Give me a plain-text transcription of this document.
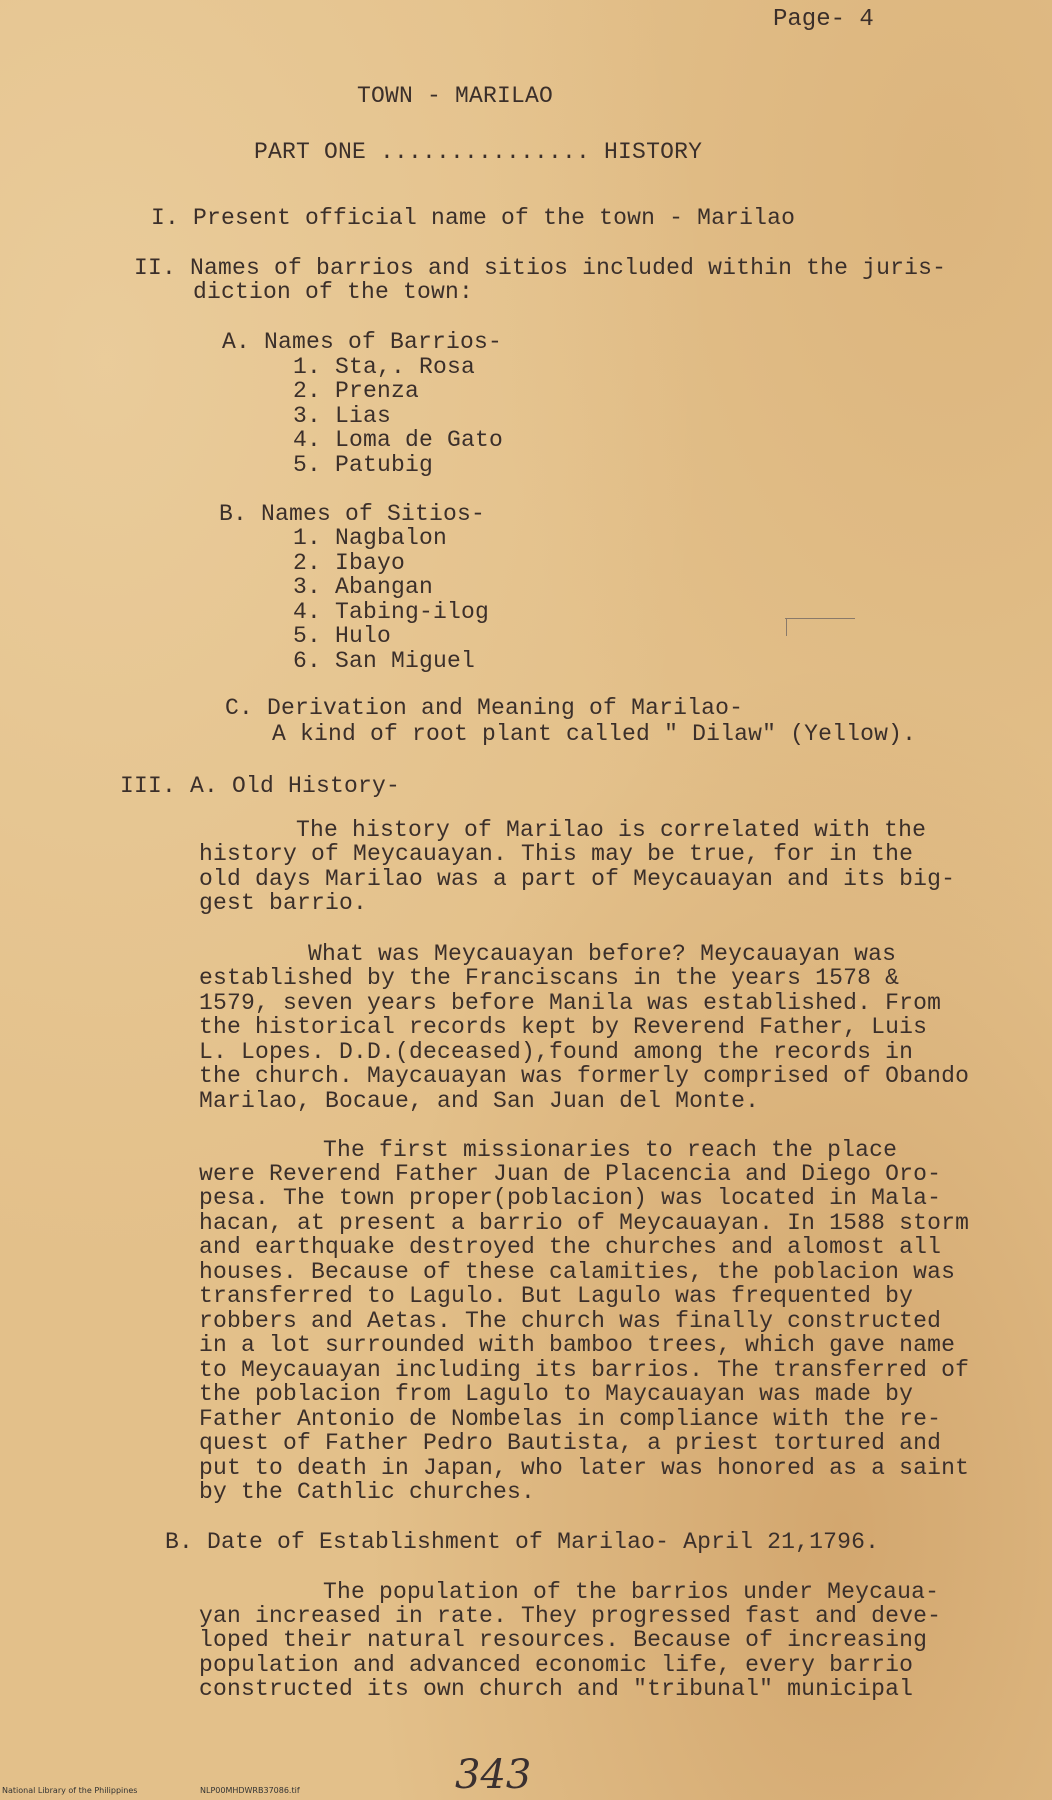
Page- 4
TOWN - MARILAO
PART ONE ............... HISTORY
I. Present official name of the town - Marilao
II. Names of barrios and sitios included within the juris-
diction of the town:
A. Names of Barrios-
1. Sta,. Rosa
2. Prenza
3. Lias
4. Loma de Gato
5. Patubig
B. Names of Sitios-
1. Nagbalon
2. Ibayo
3. Abangan
4. Tabing-ilog
5. Hulo
6. San Miguel
C. Derivation and Meaning of Marilao-
A kind of root plant called " Dilaw" (Yellow).
III. A. Old History-
The history of Marilao is correlated with the
history of Meycauayan. This may be true, for in the
old days Marilao was a part of Meycauayan and its big-
gest barrio.
What was Meycauayan before? Meycauayan was
established by the Franciscans in the years 1578 &
1579, seven years before Manila was established. From
the historical records kept by Reverend Father, Luis
L. Lopes. D.D.(deceased),found among the records in
the church. Maycauayan was formerly comprised of Obando
Marilao, Bocaue, and San Juan del Monte.
The first missionaries to reach the place
were Reverend Father Juan de Placencia and Diego Oro-
pesa. The town proper(poblacion) was located in Mala-
hacan, at present a barrio of Meycauayan. In 1588 storm
and earthquake destroyed the churches and alomost all
houses. Because of these calamities, the poblacion was
transferred to Lagulo. But Lagulo was frequented by
robbers and Aetas. The church was finally constructed
in a lot surrounded with bamboo trees, which gave name
to Meycauayan including its barrios. The transferred of
the poblacion from Lagulo to Maycauayan was made by
Father Antonio de Nombelas in compliance with the re-
quest of Father Pedro Bautista, a priest tortured and
put to death in Japan, who later was honored as a saint
by the Cathlic churches.
B. Date of Establishment of Marilao- April 21,1796.
The population of the barrios under Meycaua-
yan increased in rate. They progressed fast and deve-
loped their natural resources. Because of increasing
population and advanced economic life, every barrio
constructed its own church and "tribunal" municipal
343
National Library of the Philippines	NLP00MHDWRB37086.tif
